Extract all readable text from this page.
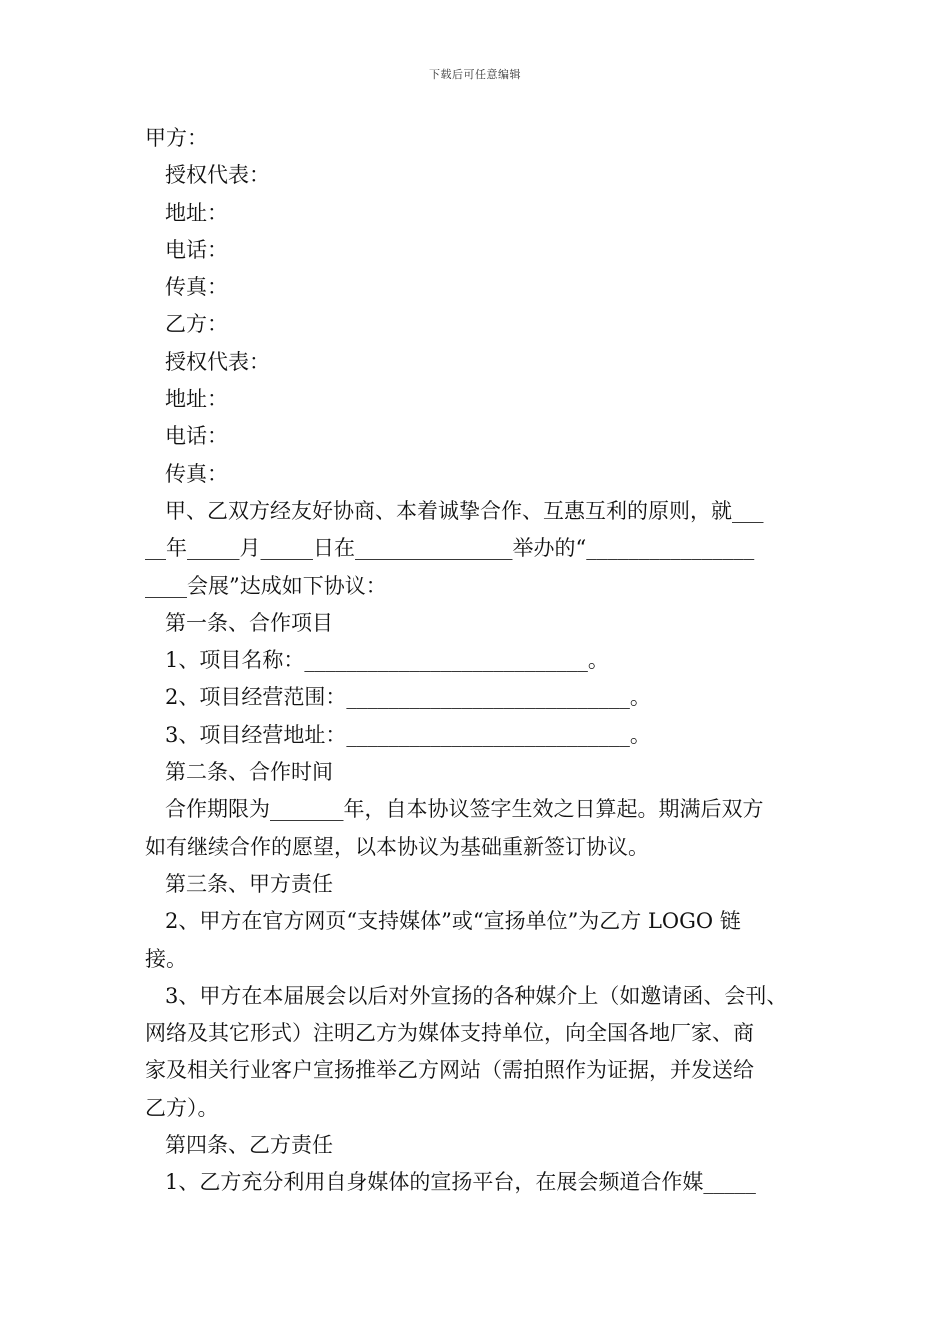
下载后可任意编辑
甲方：
授权代表：
地址：
电话：
传真：
乙方：
授权代表：
地址：
电话：
传真：
甲、乙双方经友好协商、本着诚挚合作、互惠互利的原则，就___
__年_____月_____日在_______________举办的“________________
____会展”达成如下协议：
第一条、合作项目
1、项目名称：___________________________。
2、项目经营范围：___________________________。
3、项目经营地址：___________________________。
第二条、合作时间
合作期限为_______年，自本协议签字生效之日算起。期满后双方
如有继续合作的愿望，以本协议为基础重新签订协议。
第三条、甲方责任
2、甲方在官方网页“支持媒体”或“宣扬单位”为乙方 LOGO 链
接。
3、甲方在本届展会以后对外宣扬的各种媒介上（如邀请函、会刊、
网络及其它形式）注明乙方为媒体支持单位，向全国各地厂家、商
家及相关行业客户宣扬推举乙方网站（需拍照作为证据，并发送给
乙方）。
第四条、乙方责任
1、乙方充分利用自身媒体的宣扬平台，在展会频道合作媒_____
